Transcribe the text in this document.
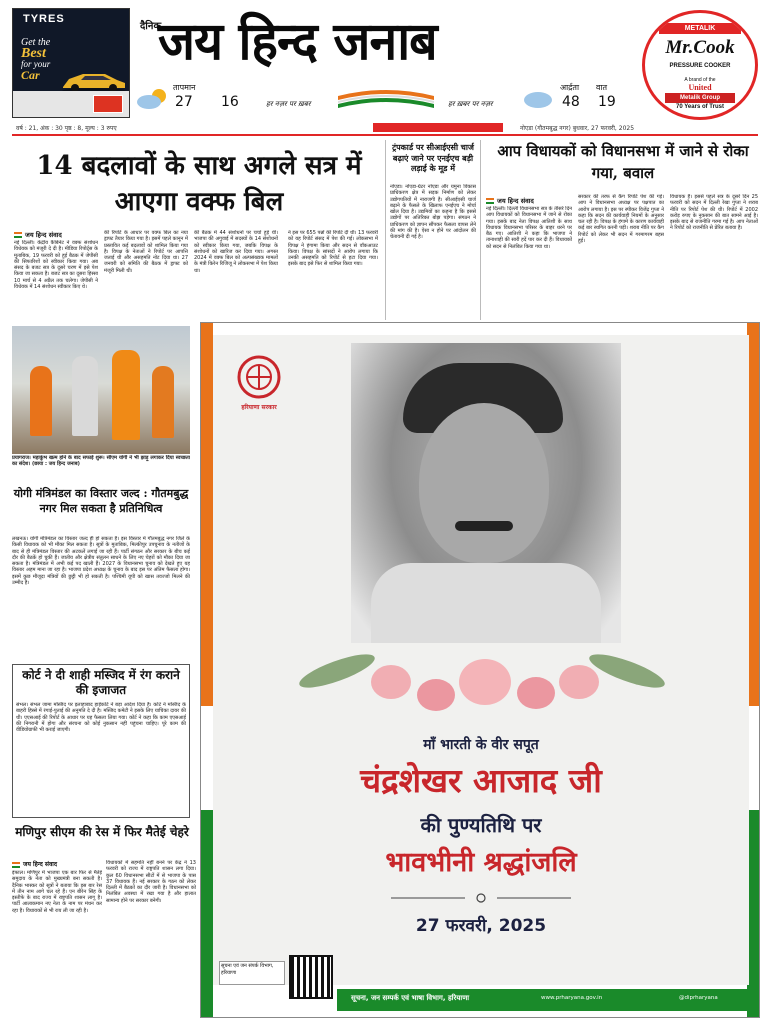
TYRES
Get the
Best
for your
Car
दैनिक
जय हिन्द जनाब
तापमान
27 16	हर नज़र पर ख़बर	हर ख़बर पर नज़र
आर्द्रता
48
वात
19
METALIK
Mr.Cook
PRESSURE COOKER
A brand of the
United
Metalik Group
70 Years of Trust
वर्ष : 21, अंक : 30 पृष्ठ : 8, मूल्य : 3 रुपए	नोएडा (गौतमबुद्ध नगर) बुधवार, 27 फरवरी, 2025
14 बदलावों के साथ अगले सत्र में आएगा वक्फ बिल
जय हिन्द संवाद
नई दिल्ली। केंद्रीय कैबिनेट ने वक्फ संशोधन विधेयक को मंजूरी दे दी है। मीडिया रिपोर्ट्स के मुताबिक, 19 फरवरी को हुई बैठक में जेपीसी की सिफारिशों को स्वीकार किया गया। अब संसद के बजट सत्र के दूसरे चरण में इसे पेश किया जा सकता है। बजट सत्र का दूसरा हिस्सा 10 मार्च से 4 अप्रैल तक चलेगा। जेपीसी ने विधेयक में 14 संशोधन स्वीकार किए थे।
की रिपोर्ट के आधार पर वक्फ बिल का नया ड्राफ्ट तैयार किया गया है। इसमें पहले कानून में प्रस्तावित कई बदलावों को शामिल किया गया है। विपक्ष के नेताओं ने रिपोर्ट पर आपत्ति जताई थी और असहमति नोट दिया था। 27 जनवरी को समिति की बैठक में ड्राफ्ट को मंजूरी मिली थी।
की बैठक में 44 संशोधनों पर चर्चा हुई थी। भाजपा की अगुवाई में सदस्यों के 14 संशोधनों को स्वीकार किया गया, जबकि विपक्ष के संशोधनों को खारिज कर दिया गया। अगस्त 2024 में वक्फ बिल को अल्पसंख्यक मामलों के मंत्री किरेन रिजिजू ने लोकसभा में पेश किया था।
ने इस पर 655 पन्नों की रिपोर्ट दी थी। 13 फरवरी को यह रिपोर्ट संसद में पेश की गई। लोकसभा में विपक्ष ने हंगामा किया और सदन से वॉकआउट किया। विपक्ष के सांसदों ने आरोप लगाया कि उनकी असहमति को रिपोर्ट से हटा दिया गया। इसके बाद इसे फिर से शामिल किया गया।
प्रयागराज। महाकुंभ खत्म होने के बाद सफाई शुरू। सीएम योगी ने भी झाड़ू लगाकर दिया स्वच्छता का संदेश। (छाया : जय हिन्द जनाब)
योगी मंत्रिमंडल का विस्तार जल्द : गौतमबुद्ध नगर मिल सकता है प्रतिनिधित्व
लखनऊ। योगी मंत्रिमंडल का विस्तार जल्द ही हो सकता है। इस विस्तार में गौतमबुद्ध नगर जिले के किसी विधायक को भी मौका मिल सकता है। सूत्रों के मुताबिक, मिल्कीपुर उपचुनाव के नतीजों के बाद से ही मंत्रिमंडल विस्तार की अटकलें लगाई जा रही हैं। पार्टी संगठन और सरकार के बीच कई दौर की बैठकें हो चुकी हैं। जातीय और क्षेत्रीय संतुलन साधने के लिए नए चेहरों को मौका दिया जा सकता है। मंत्रिमंडल में अभी कई पद खाली हैं। 2027 के विधानसभा चुनाव को देखते हुए यह विस्तार अहम माना जा रहा है। भाजपा प्रदेश अध्यक्ष के चुनाव के बाद इस पर अंतिम फैसला होगा। इसमें कुछ मौजूदा मंत्रियों की छुट्टी भी हो सकती है। पश्चिमी यूपी को खास तवज्जो मिलने की उम्मीद है।
कोर्ट ने दी शाही मस्जिद में रंग कराने की इजाजत
संभल। संभल जामा मस्जिद पर इलाहाबाद हाईकोर्ट ने बड़ा आदेश दिया है। कोर्ट ने मस्जिद के बाहरी हिस्से में रंगाई-पुताई की अनुमति दे दी है। मस्जिद कमेटी ने इसके लिए याचिका दायर की थी। एएसआई की रिपोर्ट के आधार पर यह फैसला लिया गया। कोर्ट ने कहा कि काम एएसआई की निगरानी में होगा और संरचना को कोई नुकसान नहीं पहुंचना चाहिए। पूरे काम की वीडियोग्राफी भी कराई जाएगी।
मणिपुर सीएम की रेस में फिर मैतेई चेहरे
जय हिन्द संवाद
इंफाल। मणिपुर में भाजपा एक बार फिर से मैतेई समुदाय के नेता को मुख्यमंत्री बना सकती है। दैनिक भास्कर को सूत्रों ने बताया कि इस बार रेस में तीन नाम आगे चल रहे हैं। एन बीरेन सिंह के इस्तीफे के बाद राज्य में राष्ट्रपति शासन लागू है। पार्टी आलाकमान नए नेता के नाम पर मंथन कर रहा है। विधायकों से भी राय ली जा रही है।
विधायकों में सहमति नहीं बनने पर केंद्र ने 13 फरवरी को राज्य में राष्ट्रपति शासन लगा दिया। कुल 60 विधानसभा सीटों में से भाजपा के पास 37 विधायक हैं। नई सरकार के गठन को लेकर दिल्ली में बैठकों का दौर जारी है। विधानसभा को निलंबित अवस्था में रखा गया है और हालात सामान्य होने पर सरकार बनेगी।
ट्रंपकार्ड पर सीआईएसी चार्ज बढ़ाएं जाने पर एनईएच बड़ी लड़ाई के मूड में
नोएडा। नोएडा-ग्रेटर नोएडा और यमुना विकास प्राधिकरण क्षेत्र में सड़क निर्माण को लेकर उद्योगपतियों में नाराजगी है। सीआईएसी चार्ज बढ़ाने के फैसले के खिलाफ एनईएच ने मोर्चा खोल दिया है। उद्यमियों का कहना है कि इससे उद्योगों पर अतिरिक्त बोझ पड़ेगा। संगठन ने प्राधिकरण को ज्ञापन सौंपकर फैसला वापस लेने की मांग की है। ऐसा न होने पर आंदोलन की चेतावनी दी गई है।
आप विधायकों को विधानसभा में जाने से रोका गया, बवाल
जय हिन्द संवाद
नई दिल्ली। दिल्ली विधानसभा सत्र के तीसरे दिन आप विधायकों को विधानसभा में जाने से रोका गया। इसके बाद नेता विपक्ष आतिशी के साथ विधायक विधानसभा परिसर के बाहर धरने पर बैठ गए। आतिशी ने कहा कि भाजपा ने तानाशाही की सारी हदें पार कर दी हैं। विधायकों को सदन से निलंबित किया गया था।
सरकार की तरफ से कैग रिपोर्ट पेश की गई। आप ने विधानसभा अध्यक्ष पर पक्षपात का आरोप लगाया है। इस पर स्पीकर विजेंद्र गुप्ता ने कहा कि सदन की कार्यवाही नियमों के अनुसार चल रही है। विपक्ष के हंगामे के कारण कार्यवाही कई बार स्थगित करनी पड़ी। शराब नीति पर कैग रिपोर्ट को लेकर भी सदन में गरमागरम बहस हुई।
विधायक हैं। इससे पहले सत्र के दूसरे दिन 25 फरवरी को सदन में दिल्ली रेखा गुप्ता ने शराब नीति पर रिपोर्ट पेश की थी। रिपोर्ट में 2002 करोड़ रुपए के नुकसान की बात सामने आई है। इसके बाद से राजनीति गरमा गई है। आप नेताओं ने रिपोर्ट को राजनीति से प्रेरित बताया है।
हरियाणा सरकार
माँ भारती के वीर सपूत
चंद्रशेखर आजाद जी
की पुण्यतिथि पर
भावभीनी श्रद्धांजलि
27 फरवरी, 2025
सूचना एवं जन संपर्क विभाग, हरियाणा
सूचना, जन सम्पर्क एवं भाषा विभाग, हरियाणा	www.prharyana.gov.in	@diprharyana
